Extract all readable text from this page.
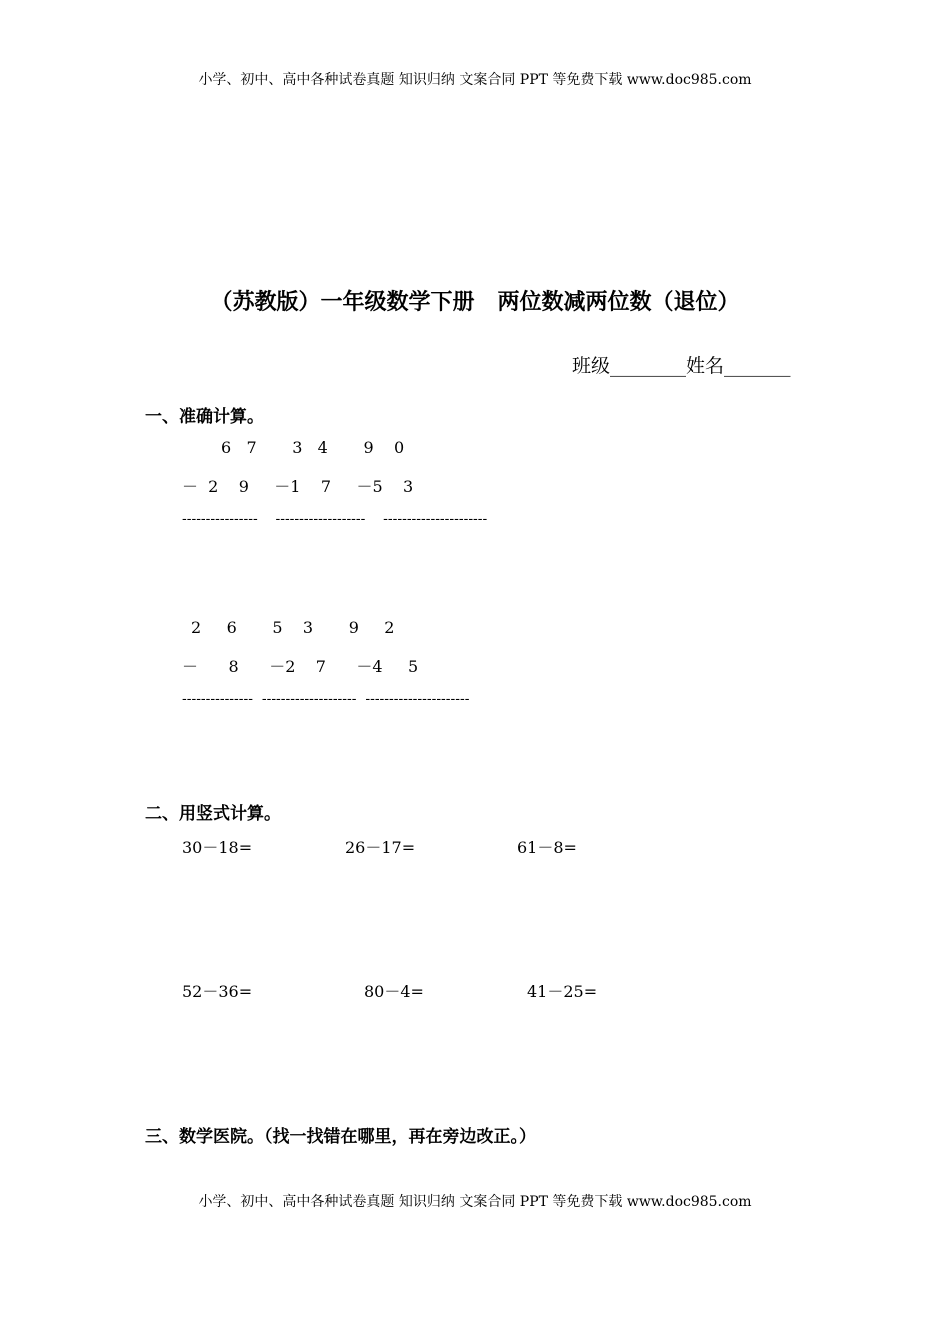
小学、初中、高中各种试卷真题 知识归纳 文案合同 PPT 等免费下载 www.doc985.com
（苏教版）一年级数学下册   两位数减两位数（退位）
班级________姓名_______
一、准确计算。
6   7       3   4       9    0
－  2    9     －1    7     －5    3
----------------    -------------------    ----------------------
2     6       5    3       9     2
－      8      －2    7      －4     5
---------------  --------------------  ----------------------
二、用竖式计算。
30－18=	26－17=	61－8=
52－36=	80－4=	41－25=
三、数学医院。（找一找错在哪里，再在旁边改正。）
小学、初中、高中各种试卷真题 知识归纳 文案合同 PPT 等免费下载 www.doc985.com
